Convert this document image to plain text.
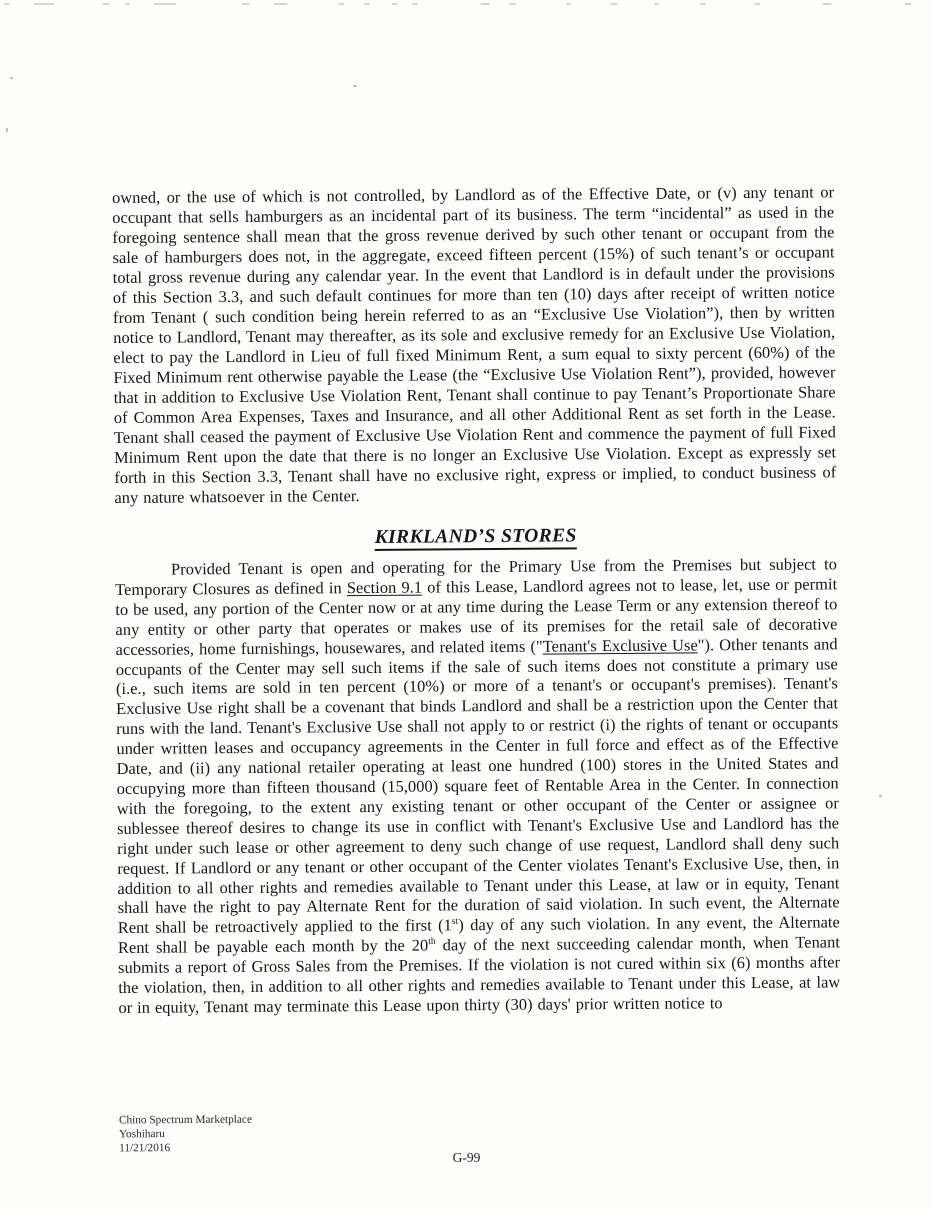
owned, or the use of which is not controlled, by Landlord as of the Effective Date, or (v) any tenant or occupant that sells hamburgers as an incidental part of its business. The term “incidental” as used in the foregoing sentence shall mean that the gross revenue derived by such other tenant or occupant from the sale of hamburgers does not, in the aggregate, exceed fifteen percent (15%) of such tenant’s or occupant total gross revenue during any calendar year. In the event that Landlord is in default under the provisions of this Section 3.3, and such default continues for more than ten (10) days after receipt of written notice from Tenant ( such condition being herein referred to as an “Exclusive Use Violation”), then by written notice to Landlord, Tenant may thereafter, as its sole and exclusive remedy for an Exclusive Use Violation, elect to pay the Landlord in Lieu of full fixed Minimum Rent, a sum equal to sixty percent (60%) of the Fixed Minimum rent otherwise payable the Lease (the “Exclusive Use Violation Rent”), provided, however that in addition to Exclusive Use Violation Rent, Tenant shall continue to pay Tenant’s Proportionate Share of Common Area Expenses, Taxes and Insurance, and all other Additional Rent as set forth in the Lease. Tenant shall ceased the payment of Exclusive Use Violation Rent and commence the payment of full Fixed Minimum Rent upon the date that there is no longer an Exclusive Use Violation. Except as expressly set forth in this Section 3.3, Tenant shall have no exclusive right, express or implied, to conduct business of any nature whatsoever in the Center.

KIRKLAND’S STORES

Provided Tenant is open and operating for the Primary Use from the Premises but subject to Temporary Closures as defined in Section 9.1 of this Lease, Landlord agrees not to lease, let, use or permit to be used, any portion of the Center now or at any time during the Lease Term or any extension thereof to any entity or other party that operates or makes use of its premises for the retail sale of decorative accessories, home furnishings, housewares, and related items ("Tenant's Exclusive Use"). Other tenants and occupants of the Center may sell such items if the sale of such items does not constitute a primary use (i.e., such items are sold in ten percent (10%) or more of a tenant's or occupant's premises). Tenant's Exclusive Use right shall be a covenant that binds Landlord and shall be a restriction upon the Center that runs with the land. Tenant's Exclusive Use shall not apply to or restrict (i) the rights of tenant or occupants under written leases and occupancy agreements in the Center in full force and effect as of the Effective Date, and (ii) any national retailer operating at least one hundred (100) stores in the United States and occupying more than fifteen thousand (15,000) square feet of Rentable Area in the Center. In connection with the foregoing, to the extent any existing tenant or other occupant of the Center or assignee or sublessee thereof desires to change its use in conflict with Tenant's Exclusive Use and Landlord has the right under such lease or other agreement to deny such change of use request, Landlord shall deny such request. If Landlord or any tenant or other occupant of the Center violates Tenant's Exclusive Use, then, in addition to all other rights and remedies available to Tenant under this Lease, at law or in equity, Tenant shall have the right to pay Alternate Rent for the duration of said violation. In such event, the Alternate Rent shall be retroactively applied to the first (1st) day of any such violation. In any event, the Alternate Rent shall be payable each month by the 20th day of the next succeeding calendar month, when Tenant submits a report of Gross Sales from the Premises. If the violation is not cured within six (6) months after the violation, then, in addition to all other rights and remedies available to Tenant under this Lease, at law or in equity, Tenant may terminate this Lease upon thirty (30) days' prior written notice to

Chino Spectrum Marketplace
Yoshiharu
11/21/2016
G-99
